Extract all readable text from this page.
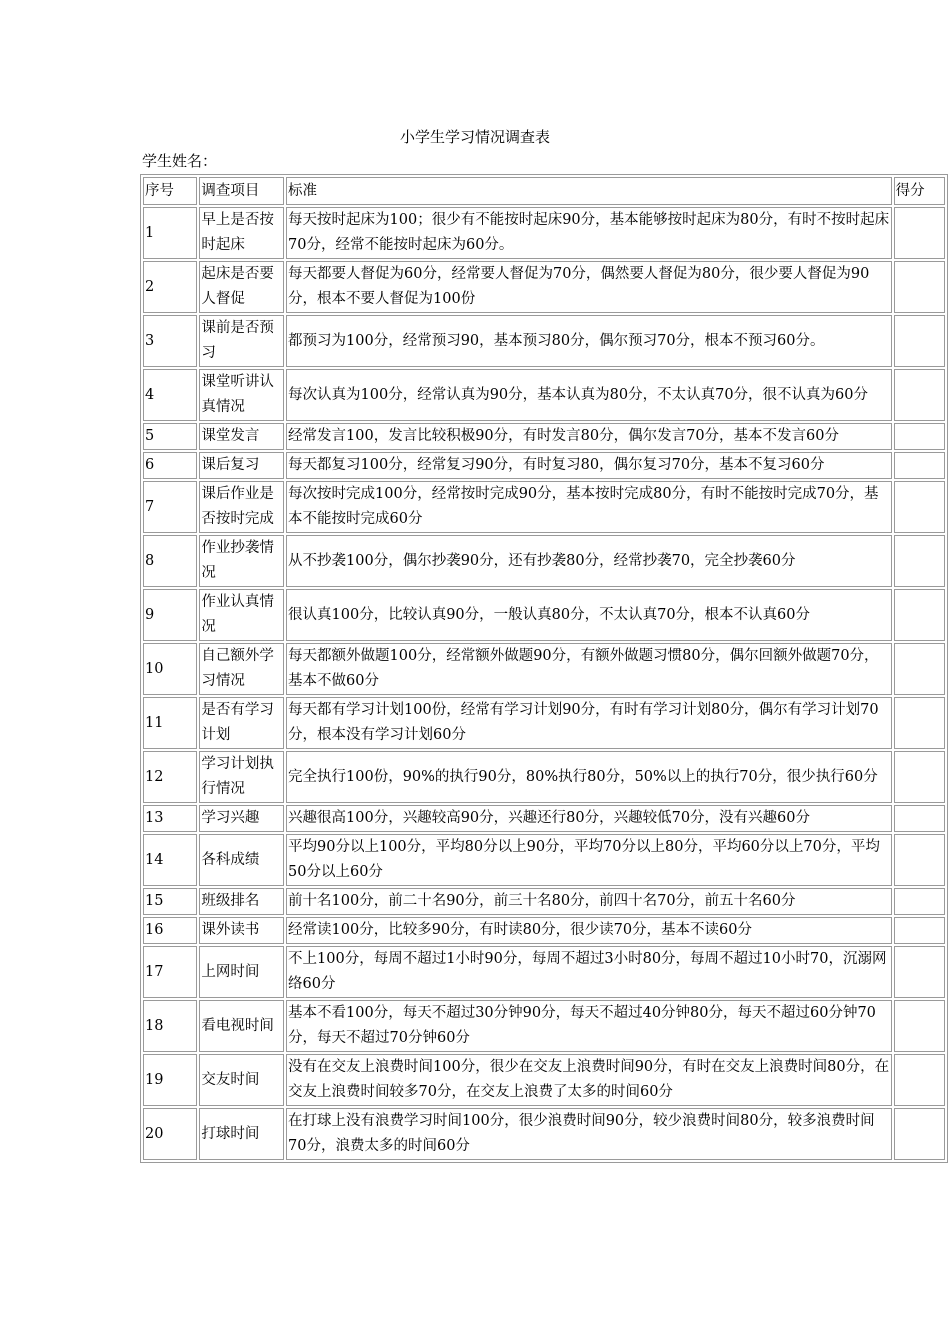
小学生学习情况调查表
学生姓名：
序号	调查项目	标准	得分
1	早上是否按时起床	每天按时起床为100；很少有不能按时起床90分，基本能够按时起床为80分，有时不按时起床70分，经常不能按时起床为60分。	
2	起床是否要人督促	每天都要人督促为60分，经常要人督促为70分，偶然要人督促为80分，很少要人督促为90分，根本不要人督促为100份	
3	课前是否预习	都预习为100分，经常预习90，基本预习80分，偶尔预习70分，根本不预习60分。	
4	课堂听讲认真情况	每次认真为100分，经常认真为90分，基本认真为80分，不太认真70分，很不认真为60分	
5	课堂发言	经常发言100，发言比较积极90分，有时发言80分，偶尔发言70分，基本不发言60分	
6	课后复习	每天都复习100分，经常复习90分，有时复习80，偶尔复习70分，基本不复习60分	
7	课后作业是否按时完成	每次按时完成100分，经常按时完成90分，基本按时完成80分，有时不能按时完成70分，基本不能按时完成60分	
8	作业抄袭情况	从不抄袭100分，偶尔抄袭90分，还有抄袭80分，经常抄袭70，完全抄袭60分	
9	作业认真情况	很认真100分，比较认真90分，一般认真80分，不太认真70分，根本不认真60分	
10	自己额外学习情况	每天都额外做题100分，经常额外做题90分，有额外做题习惯80分，偶尔回额外做题70分，基本不做60分	
11	是否有学习计划	每天都有学习计划100份，经常有学习计划90分，有时有学习计划80分，偶尔有学习计划70分，根本没有学习计划60分	
12	学习计划执行情况	完全执行100份，90%的执行90分，80%执行80分，50%以上的执行70分，很少执行60分	
13	学习兴趣	兴趣很高100分，兴趣较高90分，兴趣还行80分，兴趣较低70分，没有兴趣60分	
14	各科成绩	平均90分以上100分，平均80分以上90分，平均70分以上80分，平均60分以上70分，平均50分以上60分	
15	班级排名	前十名100分，前二十名90分，前三十名80分，前四十名70分，前五十名60分	
16	课外读书	经常读100分，比较多90分，有时读80分，很少读70分，基本不读60分	
17	上网时间	不上100分，每周不超过1小时90分，每周不超过3小时80分，每周不超过10小时70，沉溺网络60分	
18	看电视时间	基本不看100分，每天不超过30分钟90分，每天不超过40分钟80分，每天不超过60分钟70分，每天不超过70分钟60分	
19	交友时间	没有在交友上浪费时间100分，很少在交友上浪费时间90分，有时在交友上浪费时间80分，在交友上浪费时间较多70分，在交友上浪费了太多的时间60分	
20	打球时间	在打球上没有浪费学习时间100分，很少浪费时间90分，较少浪费时间80分，较多浪费时间70分，浪费太多的时间60分	
